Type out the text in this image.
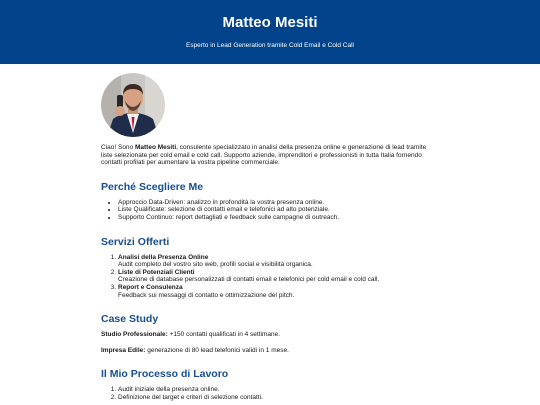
Matteo Mesiti

Esperto in Lead Generation tramite Cold Email e Cold Call

Ciao! Sono Matteo Mesiti, consulente specializzato in analisi della presenza online e generazione di lead tramite liste selezionate per cold email e cold call. Supporto aziende, imprenditori e professionisti in tutta Italia fornendo contatti profilati per aumentare la vostra pipeline commerciale.

Perché Scegliere Me
• Approccio Data-Driven: analizzo in profondità la vostra presenza online.
• Liste Qualificate: selezione di contatti email e telefonici ad alto potenziale.
• Supporto Continuo: report dettagliati e feedback sulle campagne di outreach.
Servizi Offerti
1. Analisi della Presenza Online
Audit completo del vostro sito web, profili social e visibilità organica.
2. Liste di Potenziali Clienti
Creazione di database personalizzati di contatti email e telefonici per cold email e cold call.
3. Report e Consulenza
Feedback sui messaggi di contatto e ottimizzazione del pitch.
Case Study

Studio Professionale: +150 contatti qualificati in 4 settimane.

Impresa Edile: generazione di 80 lead telefonici validi in 1 mese.

Il Mio Processo di Lavoro
1. Audit iniziale della presenza online.
2. Definizione del target e criteri di selezione contatti.
